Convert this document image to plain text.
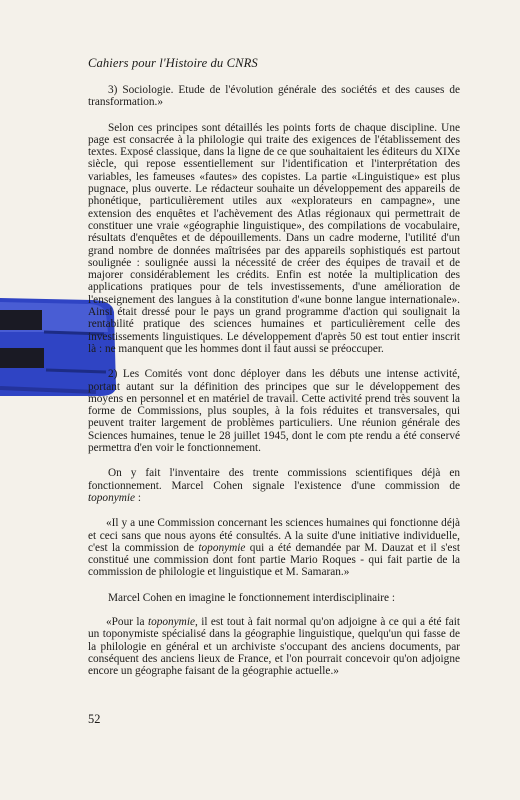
Cahiers pour l'Histoire du CNRS

3) Sociologie. Etude de l'évolution générale des sociétés et des causes de transformation.»

Selon ces principes sont détaillés les points forts de chaque discipline. Une page est consacrée à la philologie qui traite des exigences de l'établissement des textes. Exposé classique, dans la ligne de ce que souhaitaient les éditeurs du XIXe siècle, qui repose essentiellement sur l'identification et l'interprétation des variables, les fameuses «fautes» des copistes. La partie «Linguistique» est plus pugnace, plus ouverte. Le rédacteur souhaite un développement des appareils de phonétique, particulièrement utiles aux «explorateurs en campagne», une extension des enquêtes et l'achèvement des Atlas régionaux qui permettrait de constituer une vraie «géographie linguistique», des compilations de vocabulaire, résultats d'enquêtes et de dépouillements. Dans un cadre moderne, l'utilité d'un grand nombre de données maîtrisées par des appareils sophistiqués est partout soulignée : soulignée aussi la nécessité de créer des équipes de travail et de majorer considérablement les crédits. Enfin est notée la multiplication des applications pratiques pour de tels investissements, d'une amélioration de l'enseignement des langues à la constitution d'«une bonne langue internationale». Ainsi était dressé pour le pays un grand programme d'action qui soulignait la rentabilité pratique des sciences humaines et particulièrement celle des investissements linguistiques. Le développement d'après 50 est tout entier inscrit là : ne manquent que les hommes dont il faut aussi se préoccuper.

2) Les Comités vont donc déployer dans les débuts une intense activité, portant autant sur la définition des principes que sur le développement des moyens en personnel et en matériel de travail. Cette activité prend très souvent la forme de Commissions, plus souples, à la fois réduites et transversales, qui peuvent traiter largement de problèmes particuliers. Une réunion générale des Sciences humaines, tenue le 28 juillet 1945, dont le com pte rendu a été conservé permettra d'en voir le fonctionnement.

On y fait l'inventaire des trente commissions scientifiques déjà en fonctionnement. Marcel Cohen signale l'existence d'une commission de toponymie :

«Il y a une Commission concernant les sciences humaines qui fonctionne déjà et ceci sans que nous ayons été consultés. A la suite d'une initiative individuelle, c'est la commission de toponymie qui a été demandée par M. Dauzat et il s'est constitué une commission dont font partie Mario Roques - qui fait partie de la commission de philologie et linguistique et M. Samaran.»

Marcel Cohen en imagine le fonctionnement interdisciplinaire :

«Pour la toponymie, il est tout à fait normal qu'on adjoigne à ce qui a été fait un toponymiste spécialisé dans la géographie linguistique, quelqu'un qui fasse de la philologie en général et un archiviste s'occupant des anciens documents, par conséquent des anciens lieux de France, et l'on pourrait concevoir qu'on adjoigne encore un géographe faisant de la géographie actuelle.»

52
